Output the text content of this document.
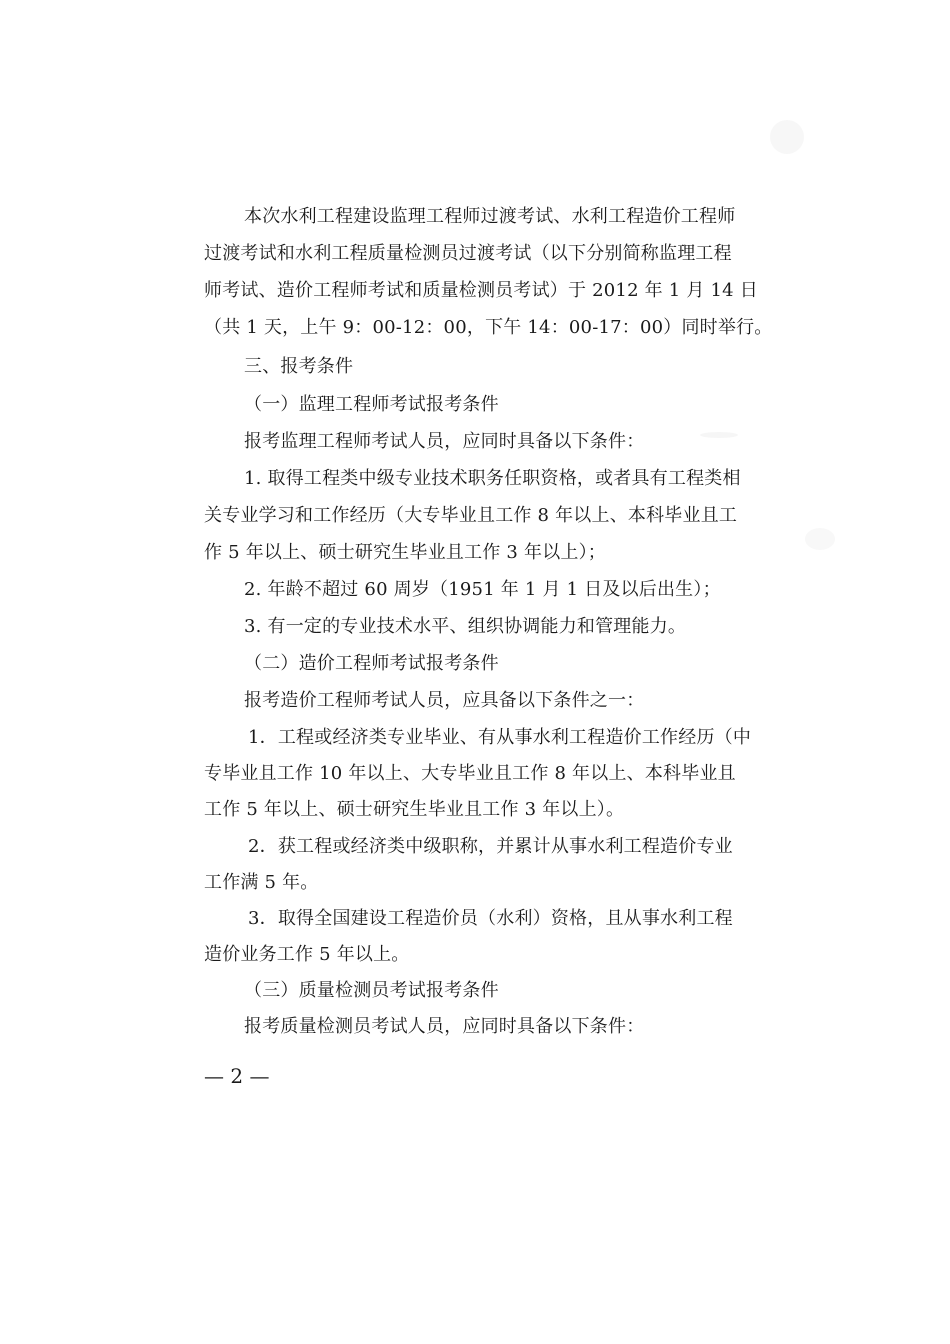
本次水利工程建设监理工程师过渡考试、水利工程造价工程师
过渡考试和水利工程质量检测员过渡考试（以下分别简称监理工程
师考试、造价工程师考试和质量检测员考试）于 2012 年 1 月 14 日
（共 1 天，上午 9：00-12：00，下午 14：00-17：00）同时举行。
三、报考条件
（一）监理工程师考试报考条件
报考监理工程师考试人员，应同时具备以下条件：
1. 取得工程类中级专业技术职务任职资格，或者具有工程类相
关专业学习和工作经历（大专毕业且工作 8 年以上、本科毕业且工
作 5 年以上、硕士研究生毕业且工作 3 年以上）；
2. 年龄不超过 60 周岁（1951 年 1 月 1 日及以后出生）；
3. 有一定的专业技术水平、组织协调能力和管理能力。
（二）造价工程师考试报考条件
报考造价工程师考试人员，应具备以下条件之一：
1．工程或经济类专业毕业、有从事水利工程造价工作经历（中
专毕业且工作 10 年以上、大专毕业且工作 8 年以上、本科毕业且
工作 5 年以上、硕士研究生毕业且工作 3 年以上）。
2．获工程或经济类中级职称，并累计从事水利工程造价专业
工作满 5 年。
3．取得全国建设工程造价员（水利）资格，且从事水利工程
造价业务工作 5 年以上。
（三）质量检测员考试报考条件
报考质量检测员考试人员，应同时具备以下条件：
— 2 —
